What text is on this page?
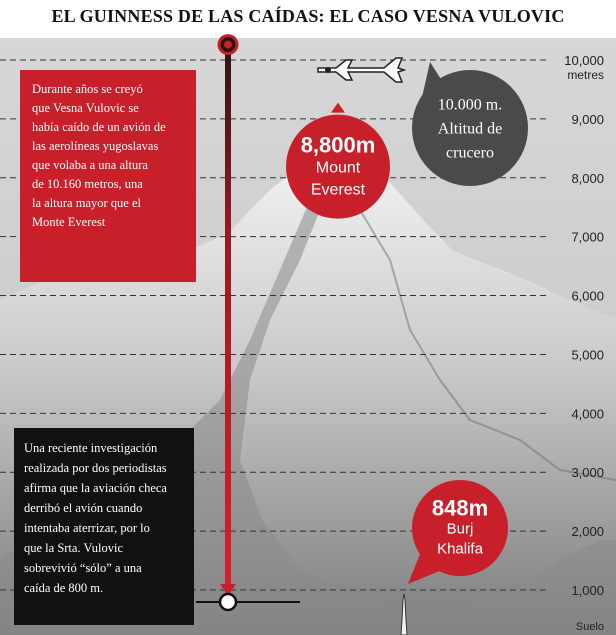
EL GUINNESS DE LAS CAÍDAS: EL CASO VESNA VULOVIC
10,000
9,000
8,000
7,000
6,000
5,000
4,000
3,000
2,000
1,000
metres
Suelo
10.000 m.
Altitud de
crucero
8,800m
Mount
Everest
848m
Burj
Khalifa
Durante años se creyó
que Vesna Vulovic se
había caído de un avión de
las aerolíneas yugoslavas
que volaba a una altura
de 10.160 metros, una
la altura mayor que el
Monte Everest
Una reciente investigación
realizada por dos periodistas
afirma que la aviación checa
derribó el avión cuando
intentaba aterrizar, por lo
que la Srta. Vulovic
sobrevivió “sólo” a una
caída de 800 m.
